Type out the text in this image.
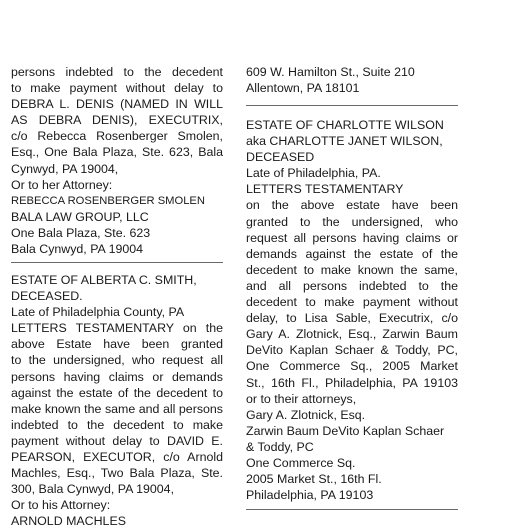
persons indebted to the decedent
to make payment without delay to
DEBRA L. DENIS (NAMED IN WILL
AS DEBRA DENIS), EXECUTRIX,
c/o Rebecca Rosenberger Smolen,
Esq., One Bala Plaza, Ste. 623, Bala
Cynwyd, PA 19004,
Or to her Attorney:
REBECCA ROSENBERGER SMOLEN
BALA LAW GROUP, LLC
One Bala Plaza, Ste. 623
Bala Cynwyd, PA 19004
ESTATE OF ALBERTA C. SMITH,
DECEASED.
Late of Philadelphia County, PA
LETTERS TESTAMENTARY on the
above Estate have been granted
to the undersigned, who request all
persons having claims or demands
against the estate of the decedent to
make known the same and all persons
indebted to the decedent to make
payment without delay to DAVID E.
PEARSON, EXECUTOR, c/o Arnold
Machles, Esq., Two Bala Plaza, Ste.
300, Bala Cynwyd, PA 19004,
Or to his Attorney:
ARNOLD MACHLES
609 W. Hamilton St., Suite 210
Allentown, PA 18101
ESTATE OF CHARLOTTE WILSON
aka CHARLOTTE JANET WILSON,
DECEASED
Late of Philadelphia, PA.
LETTERS TESTAMENTARY
on the above estate have been
granted to the undersigned, who
request all persons having claims or
demands against the estate of the
decedent to make known the same,
and all persons indebted to the
decedent to make payment without
delay, to Lisa Sable, Executrix, c/o
Gary A. Zlotnick, Esq., Zarwin Baum
DeVito Kaplan Schaer & Toddy, PC,
One Commerce Sq., 2005 Market
St., 16th Fl., Philadelphia, PA 19103
or to their attorneys,
Gary A. Zlotnick, Esq.
Zarwin Baum DeVito Kaplan Schaer
& Toddy, PC
One Commerce Sq.
2005 Market St., 16th Fl.
Philadelphia, PA 19103
